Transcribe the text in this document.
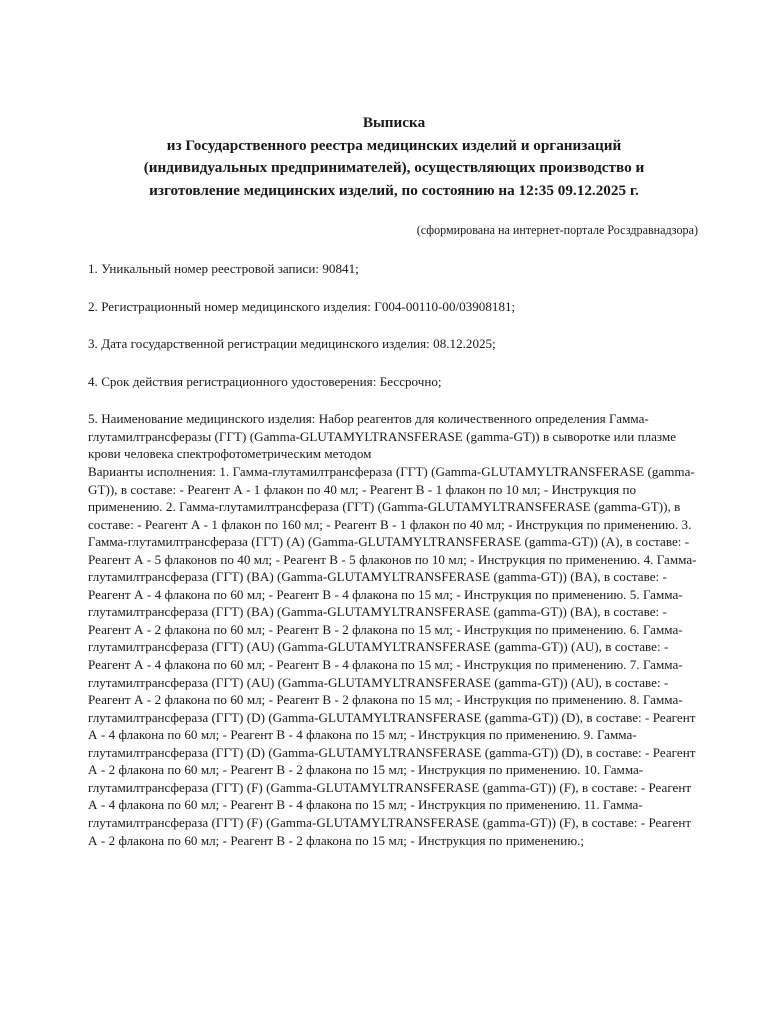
Выписка
из Государственного реестра медицинских изделий и организаций
(индивидуальных предпринимателей), осуществляющих производство и
изготовление медицинских изделий, по состоянию на 12:35 09.12.2025 г.
(сформирована на интернет-портале Росздравнадзора)

1. Уникальный номер реестровой записи: 90841;

2. Регистрационный номер медицинского изделия: Г004-00110-00/03908181;

3. Дата государственной регистрации медицинского изделия: 08.12.2025;

4. Срок действия регистрационного удостоверения: Бессрочно;

5. Наименование медицинского изделия: Набор реагентов для количественного определения Гамма-глутамилтрансферазы (ГГТ) (Gamma-GLUTAMYLTRANSFERASE (gamma-GT)) в сыворотке или плазме крови человека спектрофотометрическим методом

Варианты исполнения: 1. Гамма-глутамилтрансфераза (ГГТ) (Gamma-GLUTAMYLTRANSFERASE (gamma-GT)), в составе: - Реагент А - 1 флакон по 40 мл; - Реагент В - 1 флакон по 10 мл; - Инструкция по применению. 2. Гамма-глутамилтрансфераза (ГГТ) (Gamma-GLUTAMYLTRANSFERASE (gamma-GT)), в составе: - Реагент А - 1 флакон по 160 мл; - Реагент В - 1 флакон по 40 мл; - Инструкция по применению. 3. Гамма-глутамилтрансфераза (ГГТ) (A) (Gamma-GLUTAMYLTRANSFERASE (gamma-GT)) (A), в составе: - Реагент А - 5 флаконов по 40 мл; - Реагент В - 5 флаконов по 10 мл; - Инструкция по применению. 4. Гамма-глутамилтрансфераза (ГГТ) (BA) (Gamma-GLUTAMYLTRANSFERASE (gamma-GT)) (BA), в составе: - Реагент А - 4 флакона по 60 мл; - Реагент В - 4 флакона по 15 мл; - Инструкция по применению. 5. Гамма-глутамилтрансфераза (ГГТ) (BA) (Gamma-GLUTAMYLTRANSFERASE (gamma-GT)) (BA), в составе: - Реагент А - 2 флакона по 60 мл; - Реагент В - 2 флакона по 15 мл; - Инструкция по применению. 6. Гамма-глутамилтрансфераза (ГГТ) (AU) (Gamma-GLUTAMYLTRANSFERASE (gamma-GT)) (AU), в составе: - Реагент А - 4 флакона по 60 мл; - Реагент В - 4 флакона по 15 мл; - Инструкция по применению. 7. Гамма-глутамилтрансфераза (ГГТ) (AU) (Gamma-GLUTAMYLTRANSFERASE (gamma-GT)) (AU), в составе: - Реагент А - 2 флакона по 60 мл; - Реагент В - 2 флакона по 15 мл; - Инструкция по применению. 8. Гамма-глутамилтрансфераза (ГГТ) (D) (Gamma-GLUTAMYLTRANSFERASE (gamma-GT)) (D), в составе: - Реагент А - 4 флакона по 60 мл; - Реагент В - 4 флакона по 15 мл; - Инструкция по применению. 9. Гамма-глутамилтрансфераза (ГГТ) (D) (Gamma-GLUTAMYLTRANSFERASE (gamma-GT)) (D), в составе: - Реагент А - 2 флакона по 60 мл; - Реагент В - 2 флакона по 15 мл; - Инструкция по применению. 10. Гамма-глутамилтрансфераза (ГГТ) (F) (Gamma-GLUTAMYLTRANSFERASE (gamma-GT)) (F), в составе: - Реагент А - 4 флакона по 60 мл; - Реагент В - 4 флакона по 15 мл; - Инструкция по применению. 11. Гамма-глутамилтрансфераза (ГГТ) (F) (Gamma-GLUTAMYLTRANSFERASE (gamma-GT)) (F), в составе: - Реагент А - 2 флакона по 60 мл; - Реагент В - 2 флакона по 15 мл; - Инструкция по применению.;
